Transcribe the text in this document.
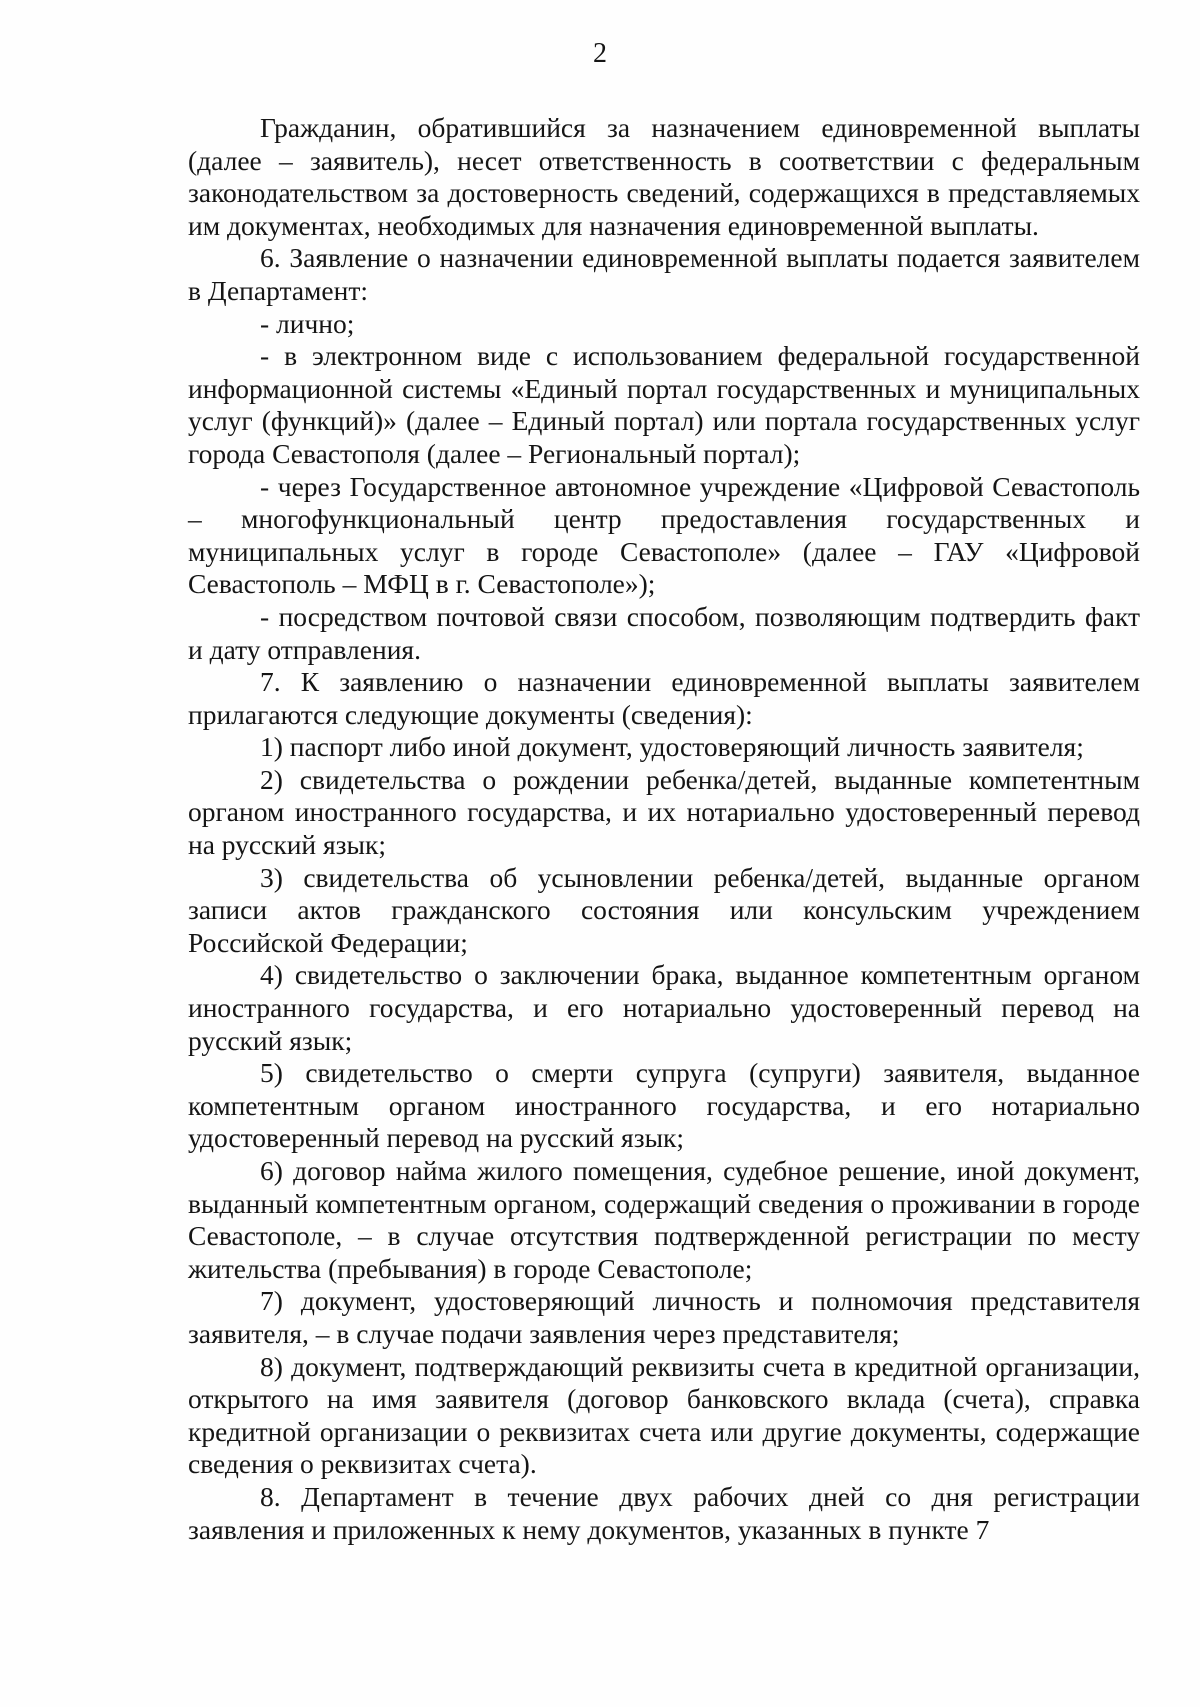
2

Гражданин, обратившийся за назначением единовременной выплаты (далее – заявитель), несет ответственность в соответствии с федеральным законодательством за достоверность сведений, содержащихся в представляемых им документах, необходимых для назначения единовременной выплаты.

6. Заявление о назначении единовременной выплаты подается заявителем в Департамент:

- лично;

- в электронном виде с использованием федеральной государственной информационной системы «Единый портал государственных и муниципальных услуг (функций)» (далее – Единый портал) или портала государственных услуг города Севастополя (далее – Региональный портал);

- через Государственное автономное учреждение «Цифровой Севастополь – многофункциональный центр предоставления государственных и муниципальных услуг в городе Севастополе» (далее – ГАУ «Цифровой Севастополь – МФЦ в г. Севастополе»);

- посредством почтовой связи способом, позволяющим подтвердить факт и дату отправления.

7. К заявлению о назначении единовременной выплаты заявителем прилагаются следующие документы (сведения):

1) паспорт либо иной документ, удостоверяющий личность заявителя;

2) свидетельства о рождении ребенка/детей, выданные компетентным органом иностранного государства, и их нотариально удостоверенный перевод на русский язык;

3) свидетельства об усыновлении ребенка/детей, выданные органом записи актов гражданского состояния или консульским учреждением Российской Федерации;

4) свидетельство о заключении брака, выданное компетентным органом иностранного государства, и его нотариально удостоверенный перевод на русский язык;

5) свидетельство о смерти супруга (супруги) заявителя, выданное компетентным органом иностранного государства, и его нотариально удостоверенный перевод на русский язык;

6) договор найма жилого помещения, судебное решение, иной документ, выданный компетентным органом, содержащий сведения о проживании в городе Севастополе, – в случае отсутствия подтвержденной регистрации по месту жительства (пребывания) в городе Севастополе;

7) документ, удостоверяющий личность и полномочия представителя заявителя, – в случае подачи заявления через представителя;

8) документ, подтверждающий реквизиты счета в кредитной организации, открытого на имя заявителя (договор банковского вклада (счета), справка кредитной организации о реквизитах счета или другие документы, содержащие сведения о реквизитах счета).

8. Департамент в течение двух рабочих дней со дня регистрации заявления и приложенных к нему документов, указанных в пункте 7
